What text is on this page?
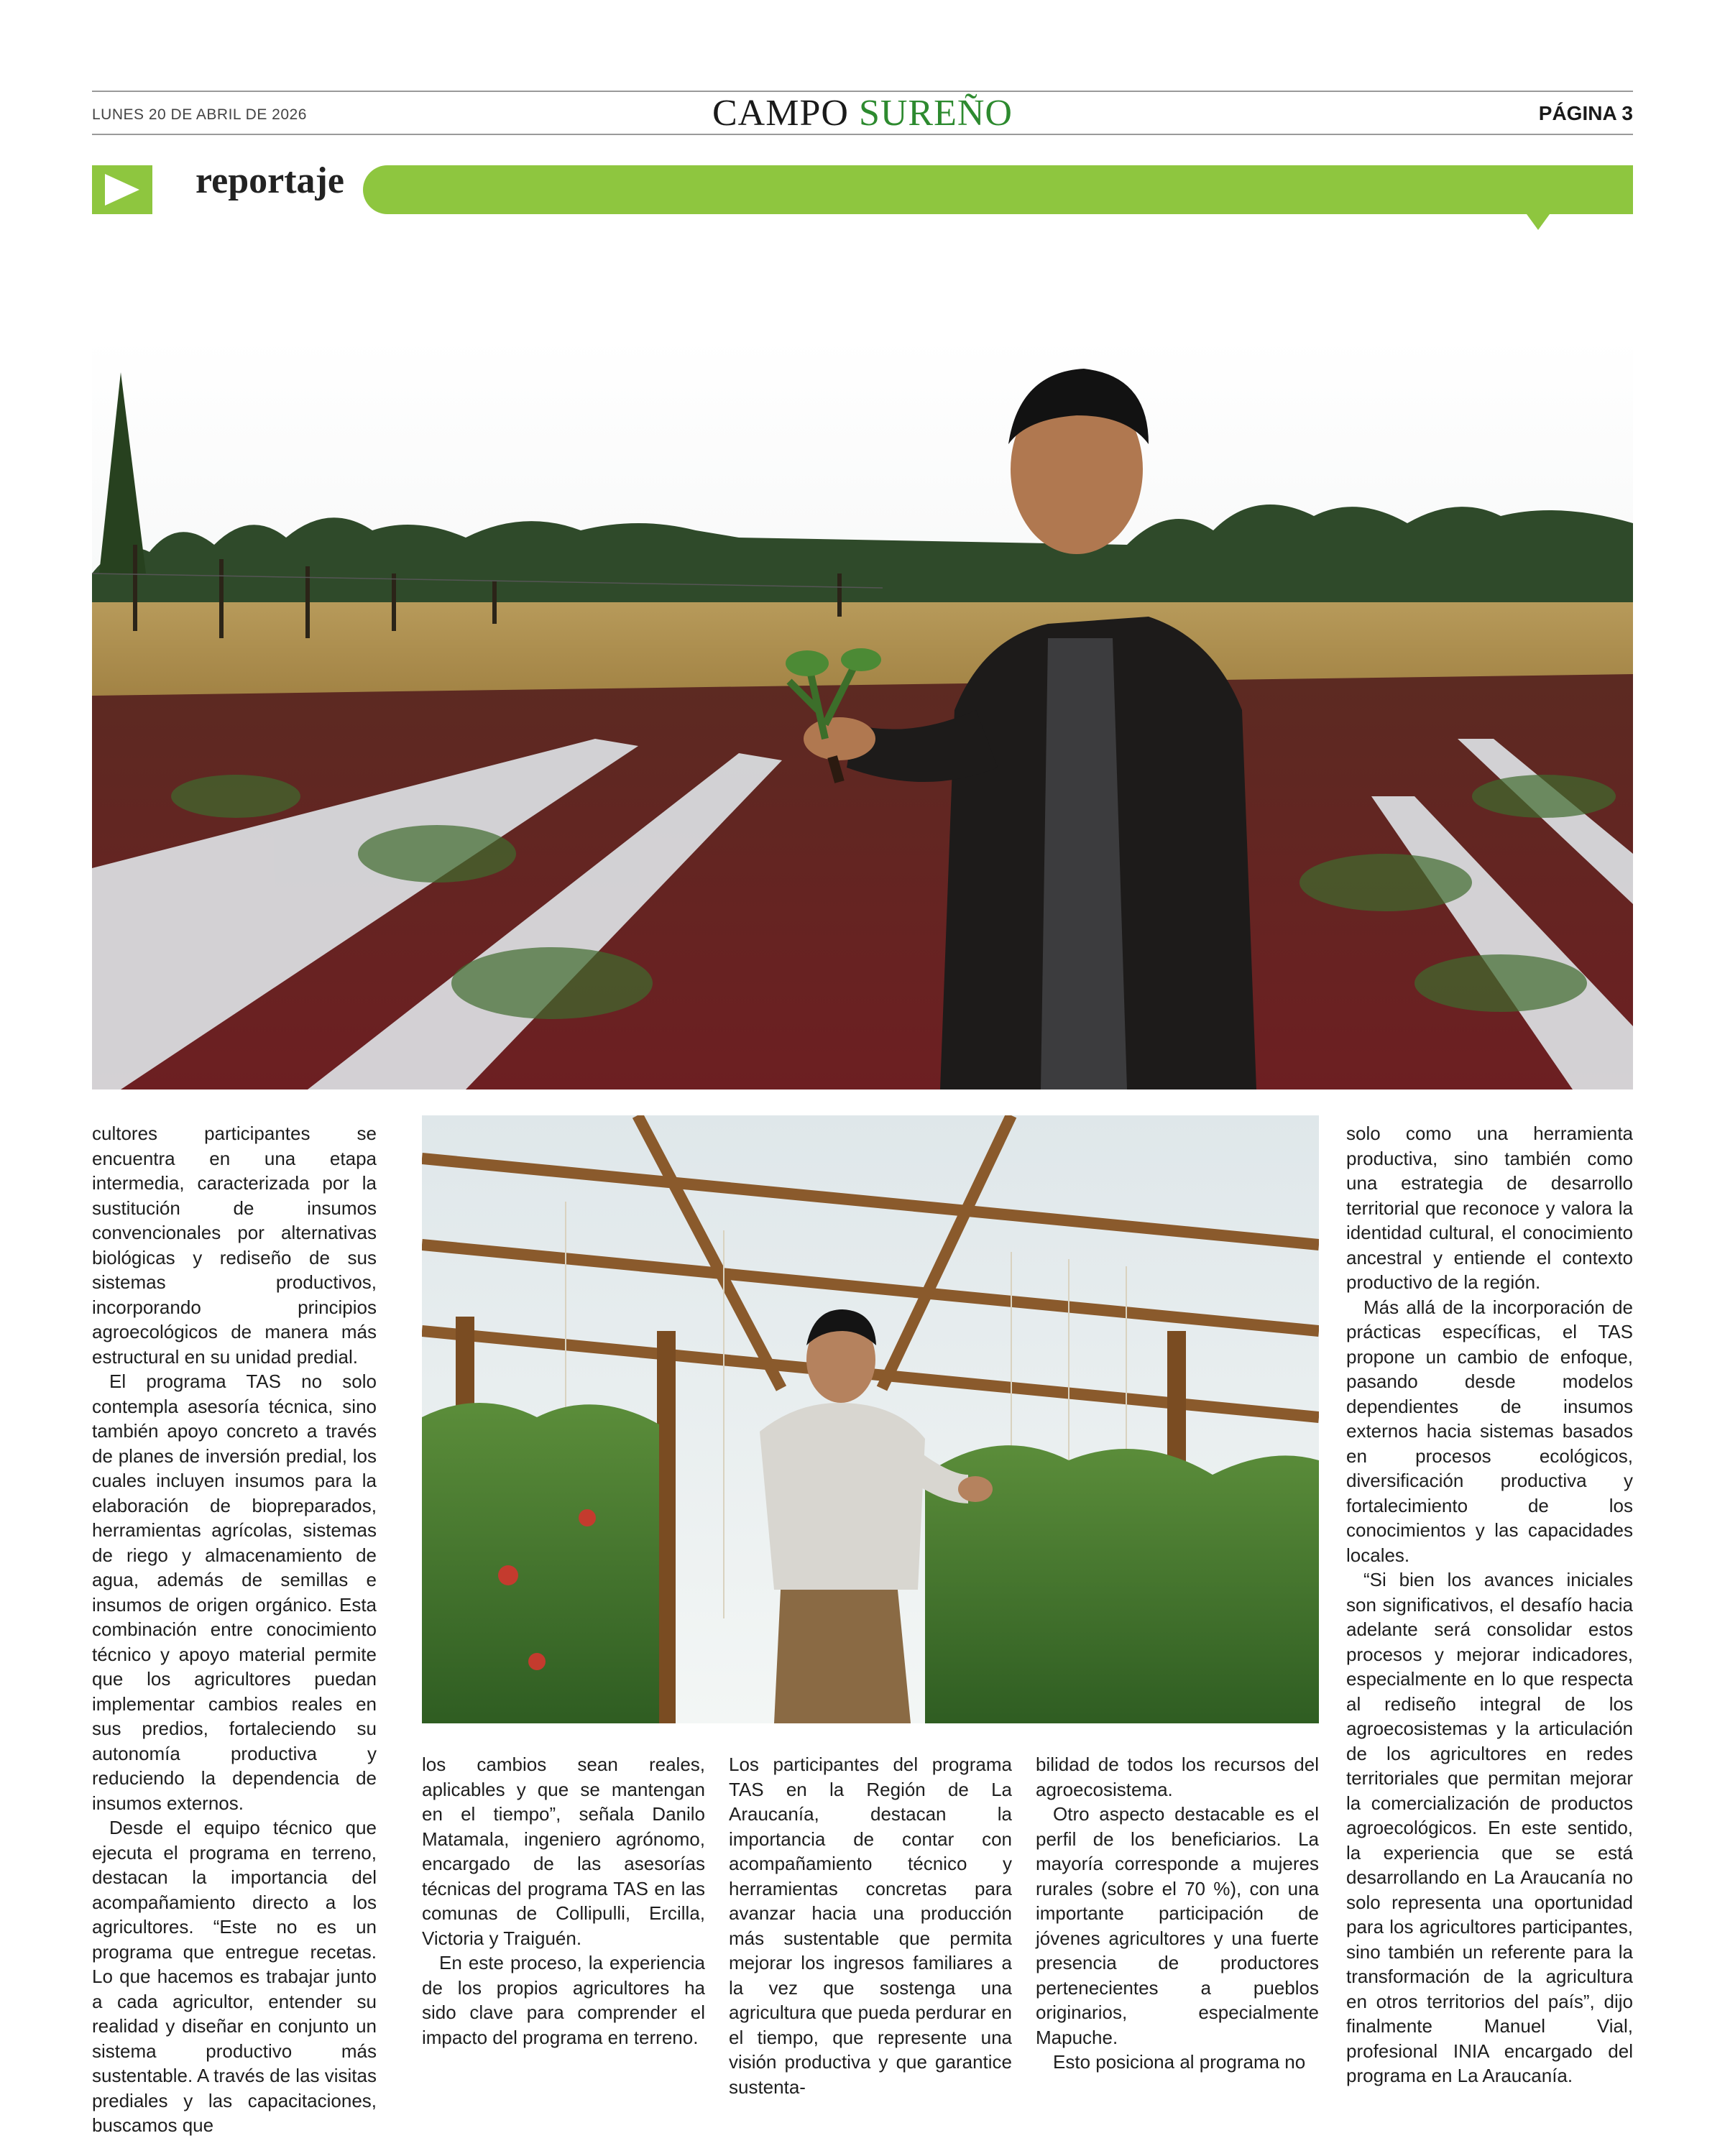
LUNES 20 DE ABRIL DE 2026	CAMPO SUREÑO	PÁGINA 3
reportaje

cultores participantes se encuentra en una etapa intermedia, caracterizada por la sustitución de insumos convencionales por alternativas biológicas y rediseño de sus sistemas productivos, incorporando principios agroecológicos de manera más estructural en su unidad predial.

El programa TAS no solo contempla asesoría técnica, sino también apoyo concreto a través de planes de inversión predial, los cuales incluyen insumos para la elaboración de biopreparados, herramientas agrícolas, sistemas de riego y almacenamiento de agua, además de semillas e insumos de origen orgánico. Esta combinación entre conocimiento técnico y apoyo material permite que los agricultores puedan implementar cambios reales en sus predios, fortaleciendo su autonomía productiva y reduciendo la dependencia de insumos externos.

Desde el equipo técnico que ejecuta el programa en terreno, destacan la importancia del acompañamiento directo a los agricultores. “Este no es un programa que entregue recetas. Lo que hacemos es trabajar junto a cada agricultor, entender su realidad y diseñar en conjunto un sistema productivo más sustentable. A través de las visitas prediales y las capacitaciones, buscamos que

los cambios sean reales, aplicables y que se mantengan en el tiempo”, señala Danilo Matamala, ingeniero agrónomo, encargado de las asesorías técnicas del programa TAS en las comunas de Collipulli, Ercilla, Victoria y Traiguén.

En este proceso, la experiencia de los propios agricultores ha sido clave para comprender el impacto del programa en terreno.

Los participantes del programa TAS en la Región de La Araucanía, destacan la importancia de contar con acompañamiento técnico y herramientas concretas para avanzar hacia una producción más sustentable que permita mejorar los ingresos familiares a la vez que sostenga una agricultura que pueda perdurar en el tiempo, que represente una visión productiva y que garantice sustenta-

bilidad de todos los recursos del agroecosistema.

Otro aspecto destacable es el perfil de los beneficiarios. La mayoría corresponde a mujeres rurales (sobre el 70 %), con una importante participación de jóvenes agricultores y una fuerte presencia de productores pertenecientes a pueblos originarios, especialmente Mapuche.

Esto posiciona al programa no

solo como una herramienta productiva, sino también como una estrategia de desarrollo territorial que reconoce y valora la identidad cultural, el conocimiento ancestral y entiende el contexto productivo de la región.

Más allá de la incorporación de prácticas específicas, el TAS propone un cambio de enfoque, pasando desde modelos dependientes de insumos externos hacia sistemas basados en procesos ecológicos, diversificación productiva y fortalecimiento de los conocimientos y las capacidades locales.

“Si bien los avances iniciales son significativos, el desafío hacia adelante será consolidar estos procesos y mejorar indicadores, especialmente en lo que respecta al rediseño integral de los agroecosistemas y la articulación de los agricultores en redes territoriales que permitan mejorar la comercialización de productos agroecológicos. En este sentido, la experiencia que se está desarrollando en La Araucanía no solo representa una oportunidad para los agricultores participantes, sino también un referente para la transformación de la agricultura en otros territorios del país”, dijo finalmente Manuel Vial, profesional INIA encargado del programa en La Araucanía.
